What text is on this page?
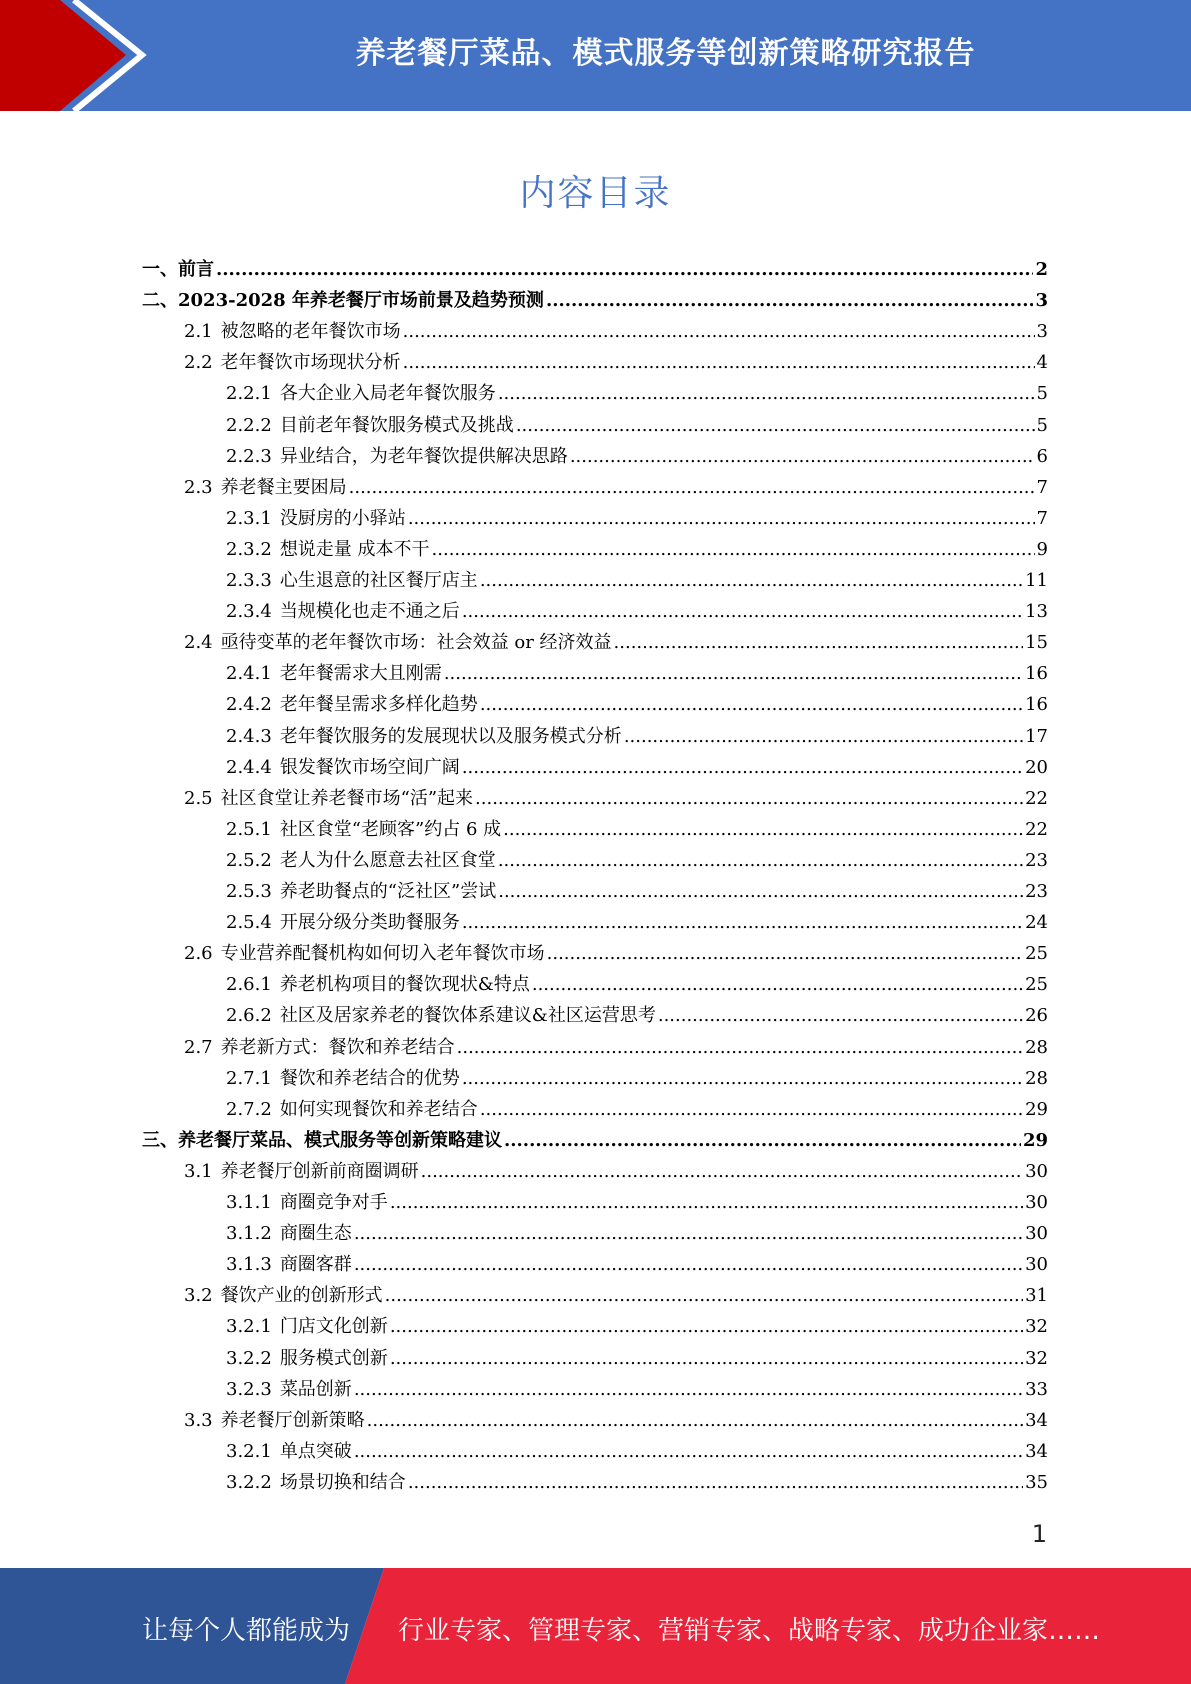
养老餐厅菜品、模式服务等创新策略研究报告
内容目录
一、 前言 .....	2
二、 2023-2028 年养老餐厅市场前景及趋势预测 .....	3
2.1 被忽略的老年餐饮市场 .....	3
2.2 老年餐饮市场现状分析 .....	4
2.2.1 各大企业入局老年餐饮服务 .....	5
2.2.2 目前老年餐饮服务模式及挑战 .....	5
2.2.3 异业结合，为老年餐饮提供解决思路 .....	6
2.3 养老餐主要困局 .....	7
2.3.1 没厨房的小驿站 .....	7
2.3.2 想说走量 成本不干 .....	9
2.3.3 心生退意的社区餐厅店主 .....	11
2.3.4 当规模化也走不通之后 .....	13
2.4 亟待变革的老年餐饮市场：社会效益 or 经济效益 .....	15
2.4.1 老年餐需求大且刚需 .....	16
2.4.2 老年餐呈需求多样化趋势 .....	16
2.4.3 老年餐饮服务的发展现状以及服务模式分析 .....	17
2.4.4 银发餐饮市场空间广阔 .....	20
2.5 社区食堂让养老餐市场“活”起来 .....	22
2.5.1 社区食堂“老顾客”约占 6 成 .....	22
2.5.2 老人为什么愿意去社区食堂 .....	23
2.5.3 养老助餐点的“泛社区”尝试 .....	23
2.5.4 开展分级分类助餐服务 .....	24
2.6 专业营养配餐机构如何切入老年餐饮市场 .....	25
2.6.1 养老机构项目的餐饮现状&特点 .....	25
2.6.2 社区及居家养老的餐饮体系建议&社区运营思考 .....	26
2.7 养老新方式：餐饮和养老结合 .....	28
2.7.1 餐饮和养老结合的优势 .....	28
2.7.2 如何实现餐饮和养老结合 .....	29
三、 养老餐厅菜品、模式服务等创新策略建议 .....	29
3.1 养老餐厅创新前商圈调研 .....	30
3.1.1 商圈竞争对手 .....	30
3.1.2 商圈生态 .....	30
3.1.3 商圈客群 .....	30
3.2 餐饮产业的创新形式 .....	31
3.2.1 门店文化创新 .....	32
3.2.2 服务模式创新 .....	32
3.2.3 菜品创新 .....	33
3.3 养老餐厅创新策略 .....	34
3.2.1 单点突破 .....	34
3.2.2 场景切换和结合 .....	35
1
让每个人都能成为 行业专家、管理专家、营销专家、战略专家、成功企业家……
